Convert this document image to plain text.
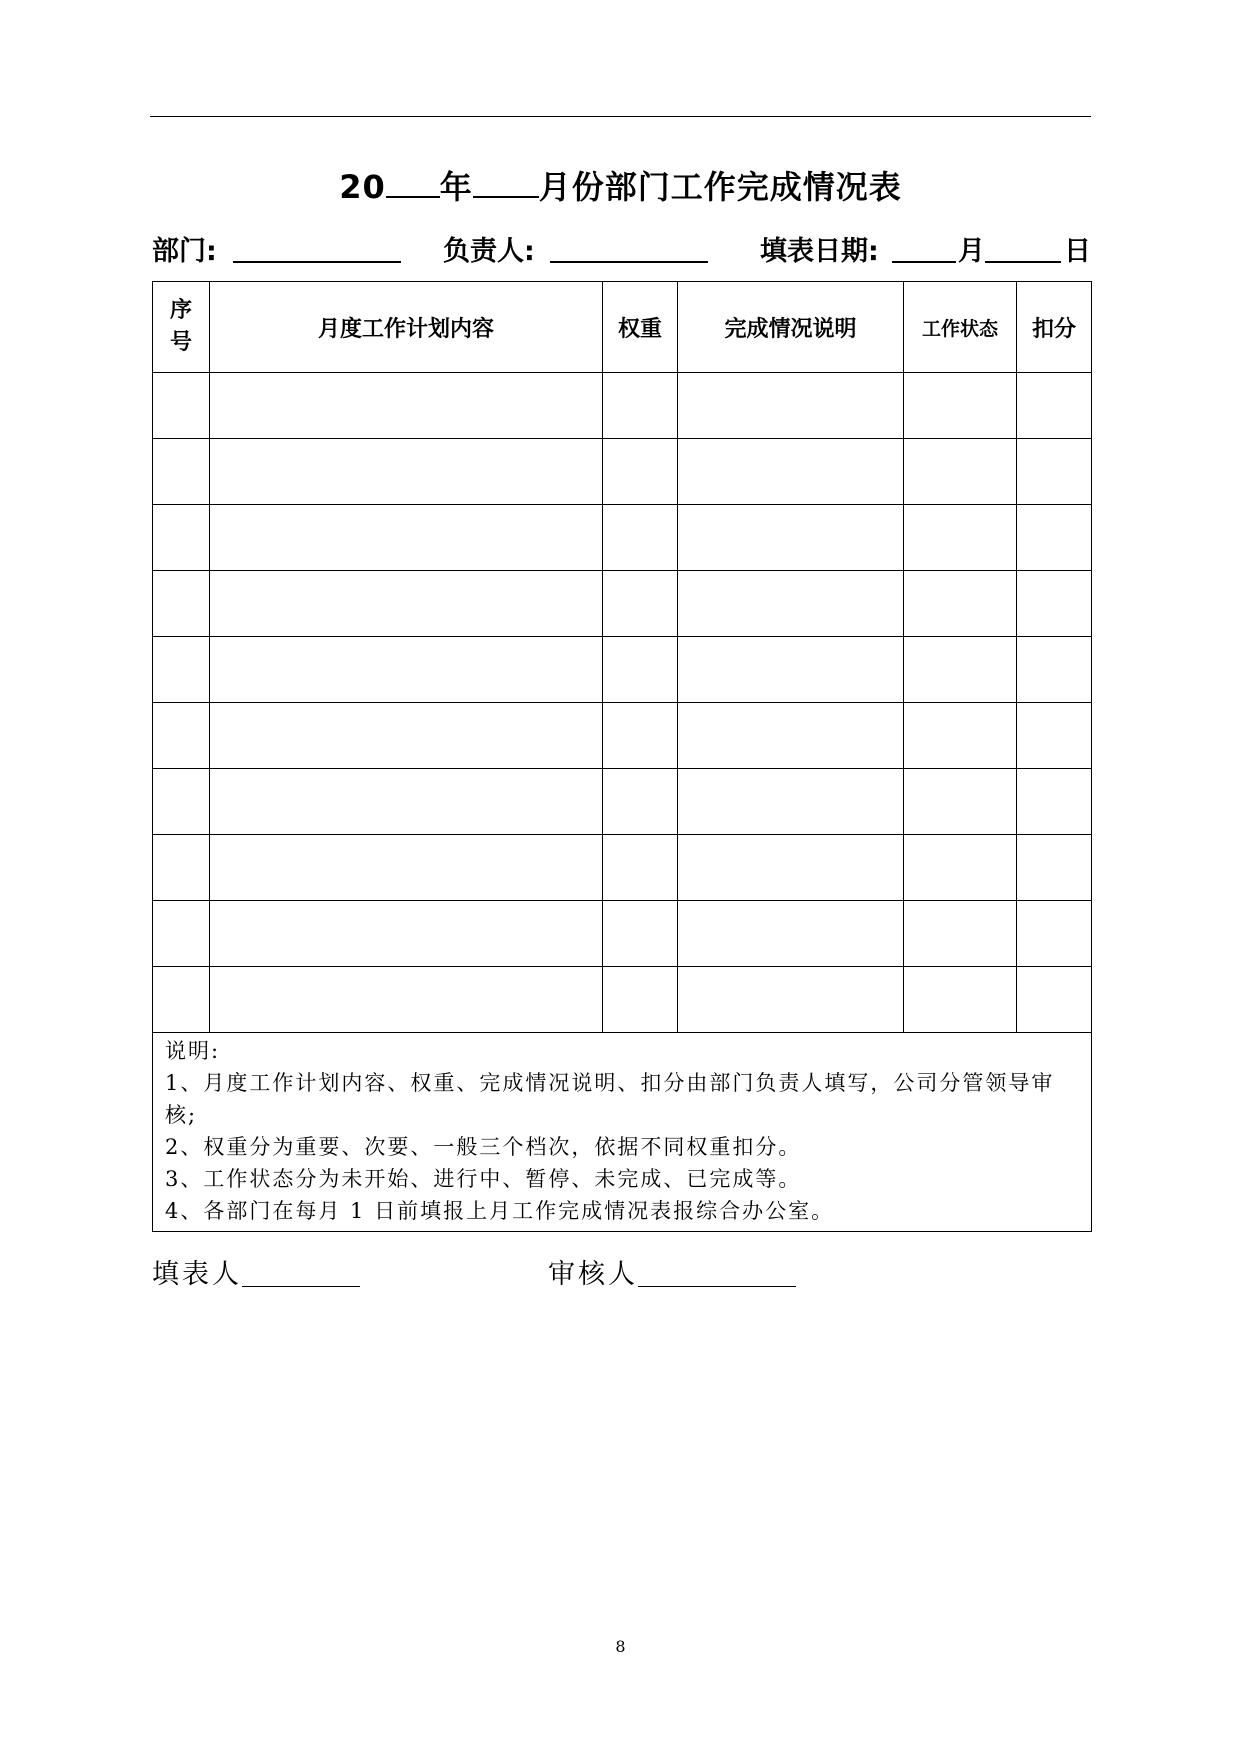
20 年 月份部门工作完成情况表
部门:	负责人:	填表日期:	月	日
序号	月度工作计划内容	权重	完成情况说明	工作状态	扣分

说明:
1、月度工作计划内容、权重、完成情况说明、扣分由部门负责人填写，公司分管领导审核;
2、权重分为重要、次要、一般三个档次，依据不同权重扣分。
3、工作状态分为未开始、进行中、暂停、未完成、已完成等。
4、各部门在每月 1 日前填报上月工作完成情况表报综合办公室。					
填表人	审核人
8
